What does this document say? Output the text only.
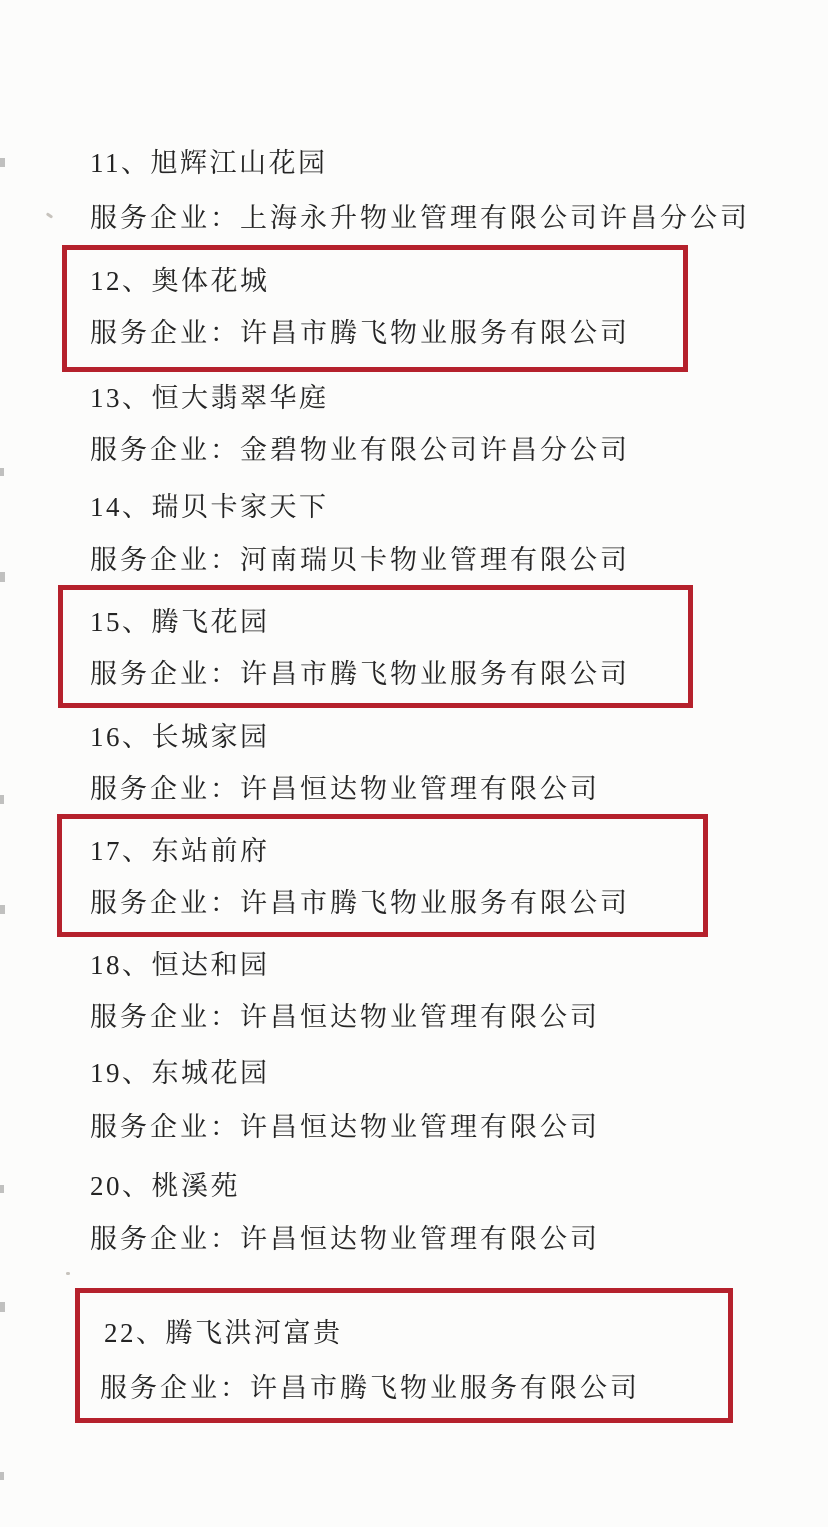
11、旭辉江山花园
服务企业：上海永升物业管理有限公司许昌分公司
12、奥体花城
服务企业：许昌市腾飞物业服务有限公司
13、恒大翡翠华庭
服务企业：金碧物业有限公司许昌分公司
14、瑞贝卡家天下
服务企业：河南瑞贝卡物业管理有限公司
15、腾飞花园
服务企业：许昌市腾飞物业服务有限公司
16、长城家园
服务企业：许昌恒达物业管理有限公司
17、东站前府
服务企业：许昌市腾飞物业服务有限公司
18、恒达和园
服务企业：许昌恒达物业管理有限公司
19、东城花园
服务企业：许昌恒达物业管理有限公司
20、桃溪苑
服务企业：许昌恒达物业管理有限公司
22、腾飞洪河富贵
服务企业：许昌市腾飞物业服务有限公司
